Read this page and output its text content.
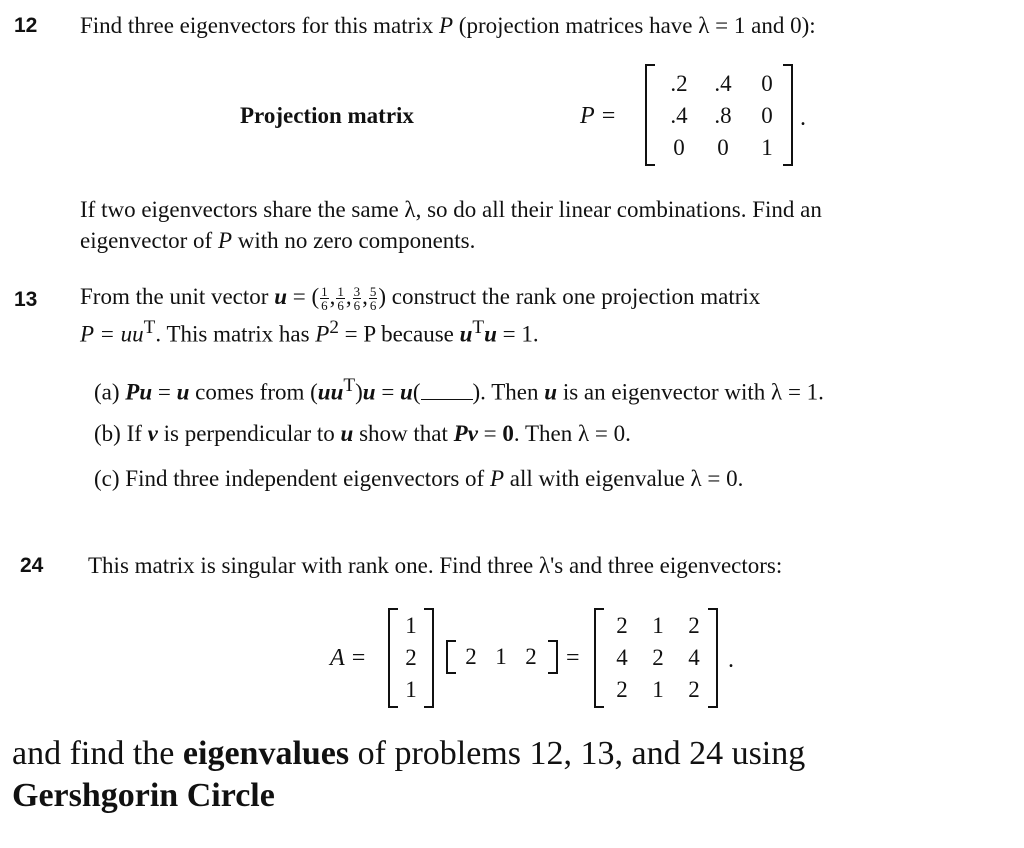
12 Find three eigenvectors for this matrix P (projection matrices have λ = 1 and 0):
Projection matrix	P =
.2	.4	0
.4	.8	0
0	0	1
.
If two eigenvectors share the same λ, so do all their linear combinations. Find an
eigenvector of P with no zero components.
13 From the unit vector u = ( $\frac{1}{6}$ , $\frac{1}{6}$ , $\frac{3}{6}$ , $\frac{5}{6}$ ) construct the rank one projection matrix
$P = uu^T$. This matrix has $P^2 = P$ because $u^Tu = 1$.
(a) Pu = u comes from $(uu^T)u = u$( ). Then u is an eigenvector with λ = 1.
(b) If v is perpendicular to u show that Pv = 0. Then λ = 0.
(c) Find three independent eigenvectors of P all with eigenvalue λ = 0.
24 This matrix is singular with rank one. Find three λ's and three eigenvectors:
A =
1
2
1
2 1 2	=
2	1	2
4	2	4
2	1	2
.
and find the eigenvalues of problems 12, 13, and 24 using
Gershgorin Circle
